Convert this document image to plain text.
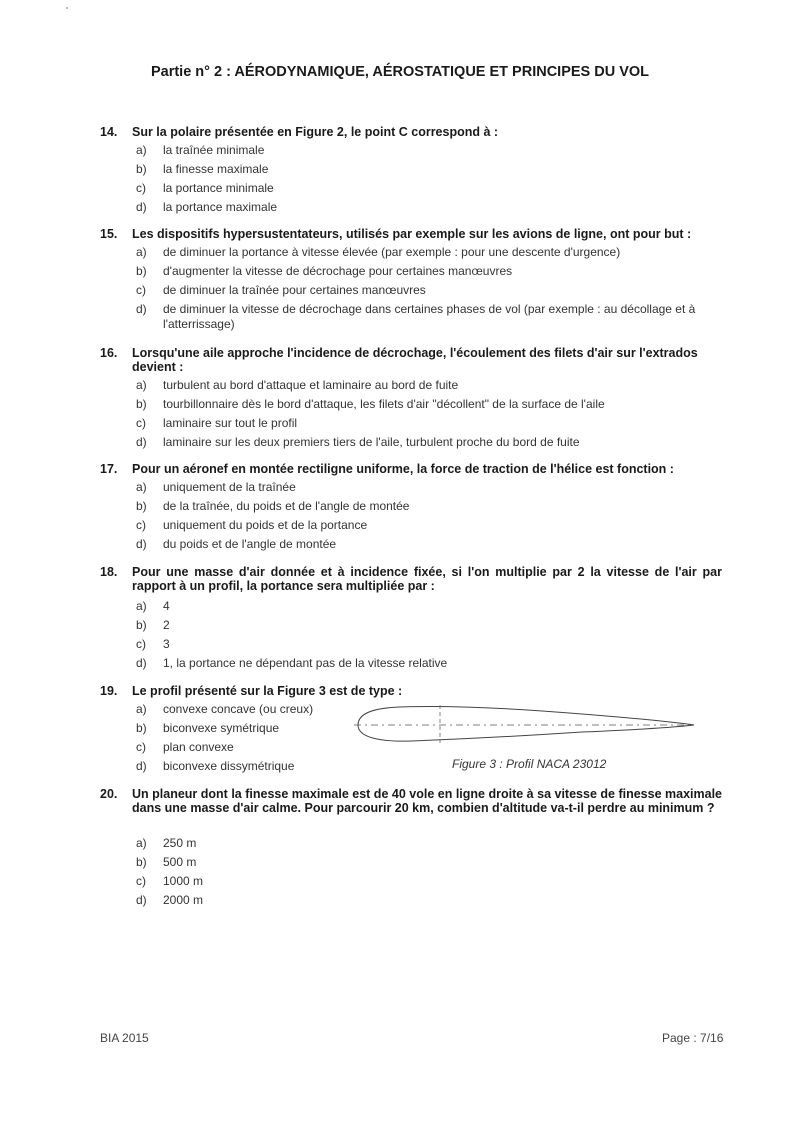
Partie n° 2 : AÉRODYNAMIQUE, AÉROSTATIQUE ET PRINCIPES DU VOL
14.	Sur la polaire présentée en Figure 2, le point C correspond à :
a) la traînée minimale
b) la finesse maximale
c) la portance minimale
d) la portance maximale
15.	Les dispositifs hypersustentateurs, utilisés par exemple sur les avions de ligne, ont pour but :
a) de diminuer la portance à vitesse élevée (par exemple : pour une descente d'urgence)
b) d'augmenter la vitesse de décrochage pour certaines manœuvres
c) de diminuer la traînée pour certaines manœuvres
d) de diminuer la vitesse de décrochage dans certaines phases de vol (par exemple : au décollage et à l'atterrissage)
16.	Lorsqu'une aile approche l'incidence de décrochage, l'écoulement des filets d'air sur l'extrados devient :
a) turbulent au bord d'attaque et laminaire au bord de fuite
b) tourbillonnaire dès le bord d'attaque, les filets d'air "décollent" de la surface de l'aile
c) laminaire sur tout le profil
d) laminaire sur les deux premiers tiers de l'aile, turbulent proche du bord de fuite
17.	Pour un aéronef en montée rectiligne uniforme, la force de traction de l'hélice est fonction :
a) uniquement de la traînée
b) de la traînée, du poids et de l'angle de montée
c) uniquement du poids et de la portance
d) du poids et de l'angle de montée
18.	Pour une masse d'air donnée et à incidence fixée, si l'on multiplie par 2 la vitesse de l'air par rapport à un profil, la portance sera multipliée par :
a) 4
b) 2
c) 3
d) 1, la portance ne dépendant pas de la vitesse relative
19.	Le profil présenté sur la Figure 3 est de type :
a) convexe concave (ou creux)
b) biconvexe symétrique
c) plan convexe
d) biconvexe dissymétrique	Figure 3 : Profil NACA 23012
20.	Un planeur dont la finesse maximale est de 40 vole en ligne droite à sa vitesse de finesse maximale dans une masse d'air calme. Pour parcourir 20 km, combien d'altitude va-t-il perdre au minimum ?
a) 250 m
b) 500 m
c) 1000 m
d) 2000 m
BIA 2015	Page : 7/16
